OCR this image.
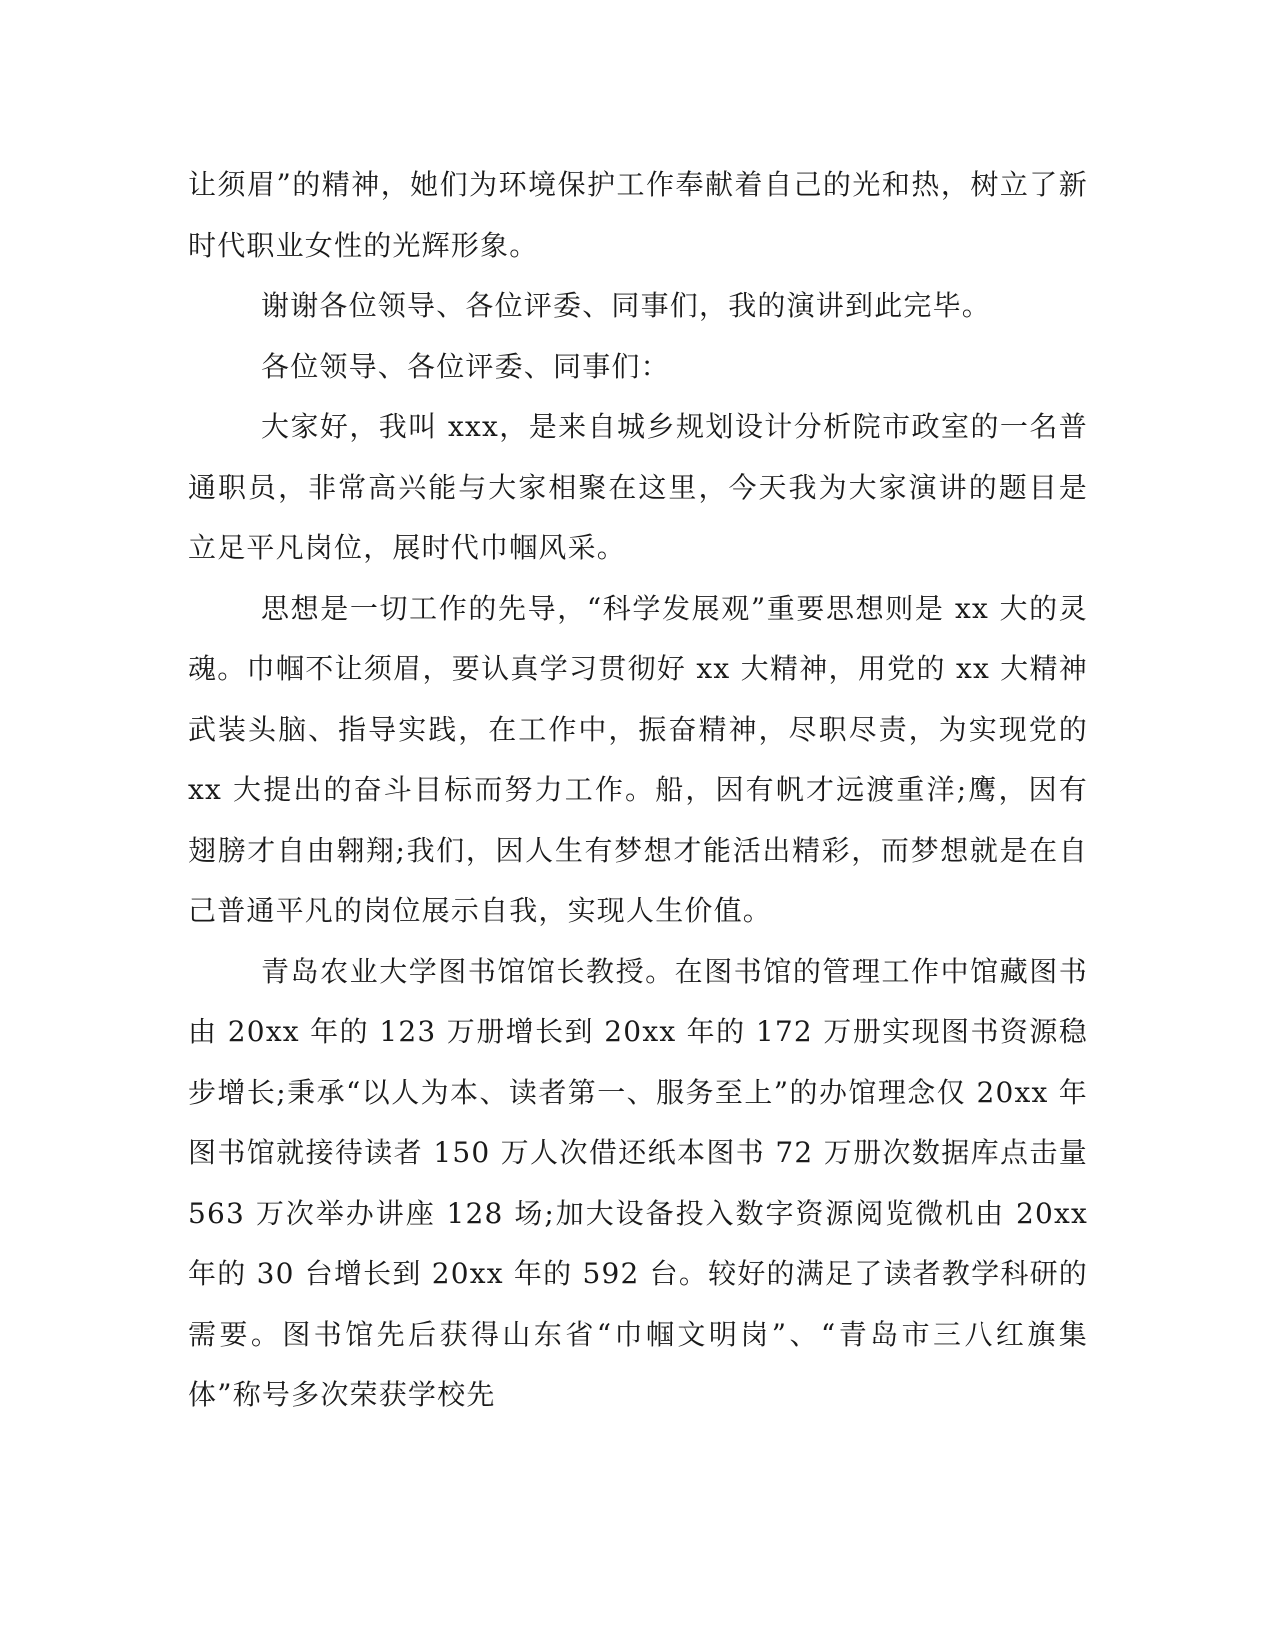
让须眉”的精神，她们为环境保护工作奉献着自己的光和热，树立了新时代职业女性的光辉形象。

谢谢各位领导、各位评委、同事们，我的演讲到此完毕。

各位领导、各位评委、同事们：

大家好，我叫 xxx，是来自城乡规划设计分析院市政室的一名普通职员，非常高兴能与大家相聚在这里，今天我为大家演讲的题目是立足平凡岗位，展时代巾帼风采。

思想是一切工作的先导，“科学发展观”重要思想则是 xx 大的灵魂。巾帼不让须眉，要认真学习贯彻好 xx 大精神，用党的 xx 大精神武装头脑、指导实践，在工作中，振奋精神，尽职尽责，为实现党的 xx 大提出的奋斗目标而努力工作。船，因有帆才远渡重洋;鹰，因有翅膀才自由翱翔;我们，因人生有梦想才能活出精彩，而梦想就是在自己普通平凡的岗位展示自我，实现人生价值。

青岛农业大学图书馆馆长教授。在图书馆的管理工作中馆藏图书由 20xx 年的 123 万册增长到 20xx 年的 172 万册实现图书资源稳步增长;秉承“以人为本、读者第一、服务至上”的办馆理念仅 20xx 年图书馆就接待读者 150 万人次借还纸本图书 72 万册次数据库点击量 563 万次举办讲座 128 场;加大设备投入数字资源阅览微机由 20xx 年的 30 台增长到 20xx 年的 592 台。较好的满足了读者教学科研的需要。图书馆先后获得山东省“巾帼文明岗”、“青岛市三八红旗集体”称号多次荣获学校先
